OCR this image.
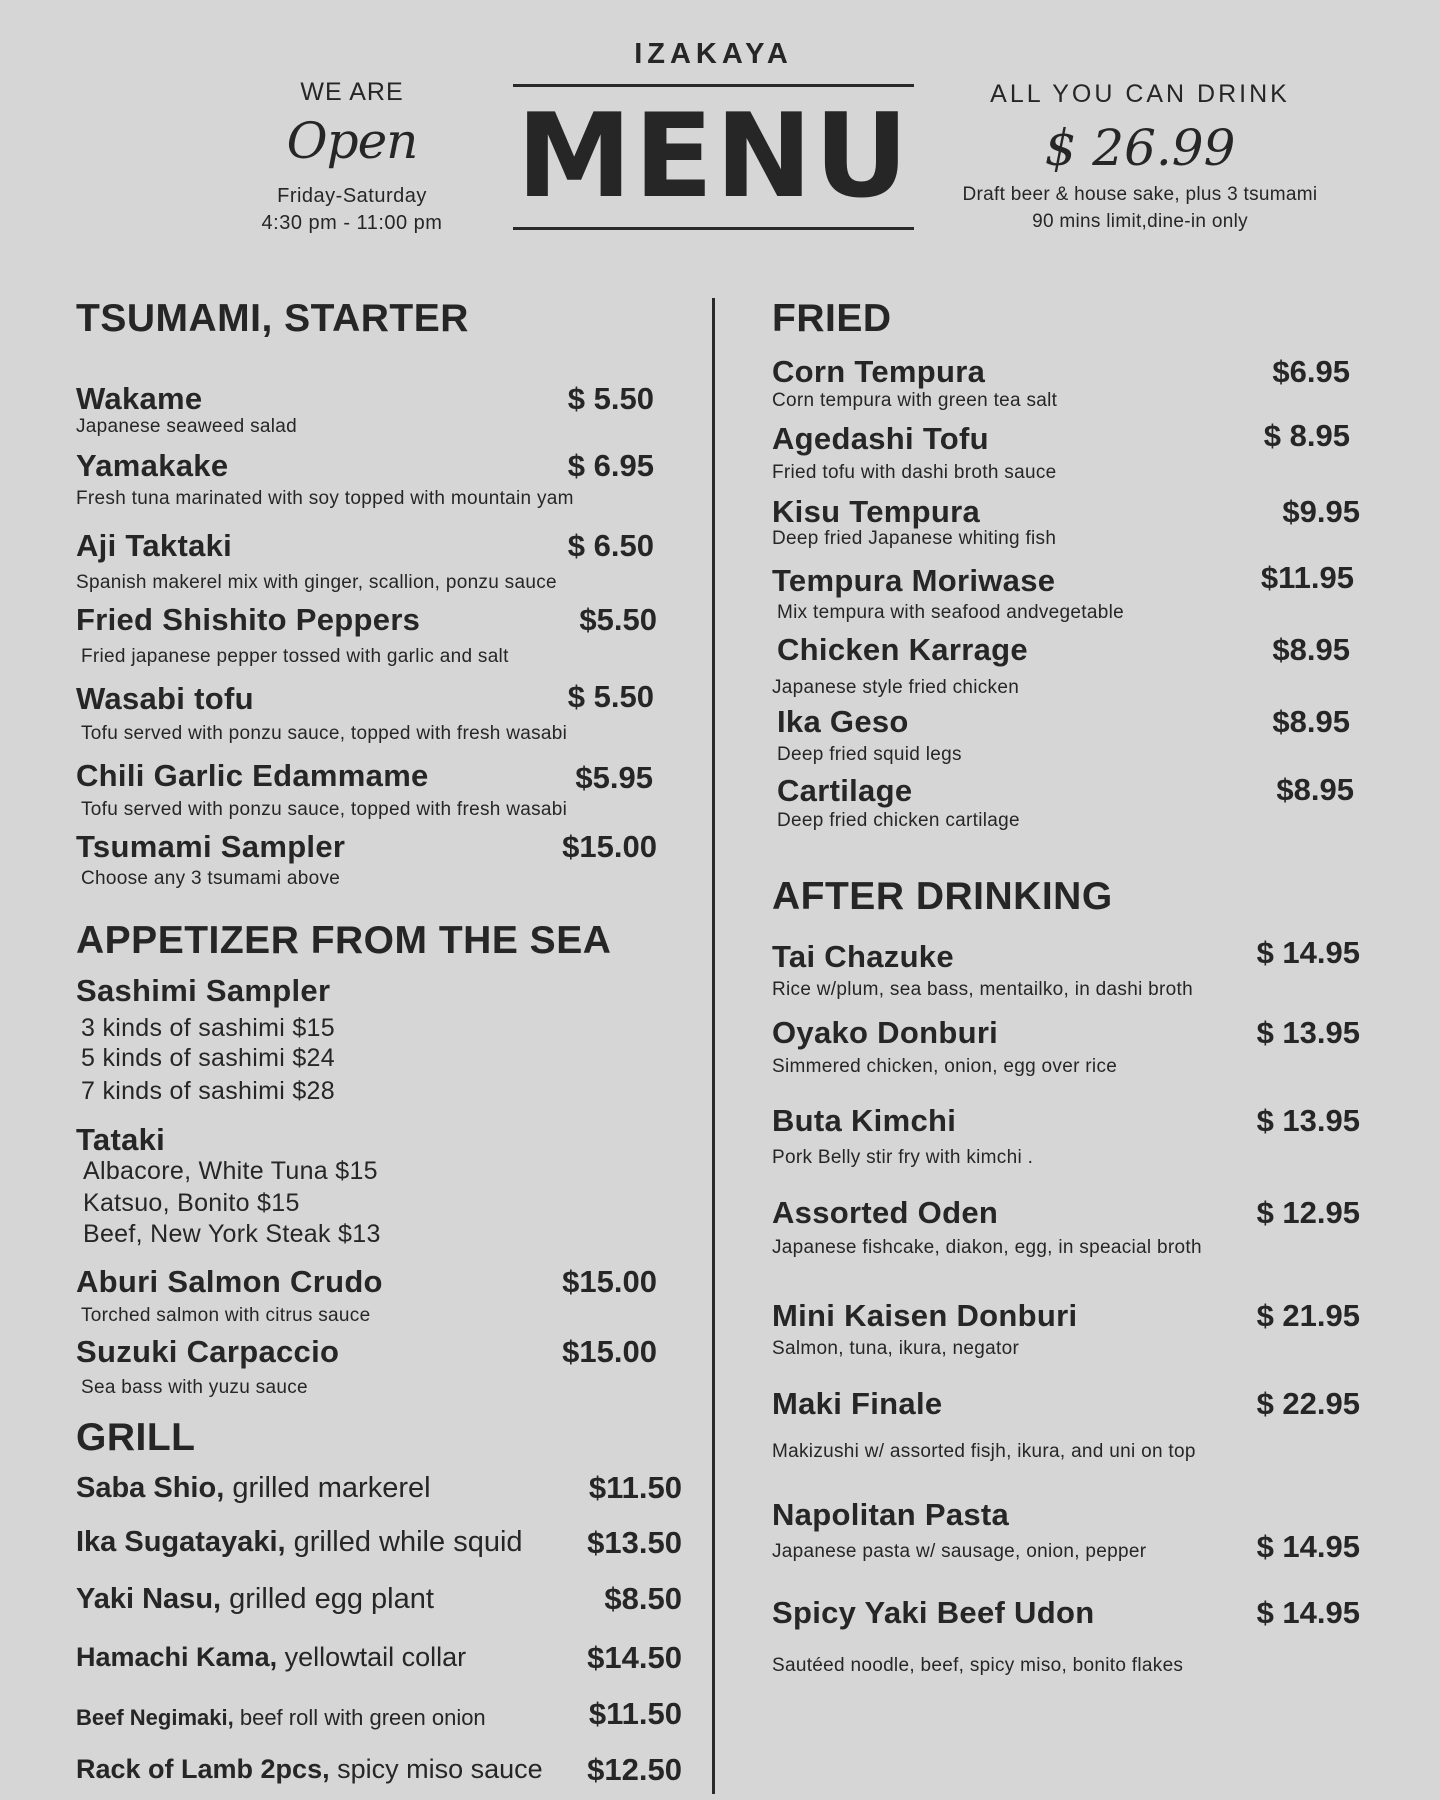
WE ARE
Open
Friday-Saturday
4:30 pm - 11:00 pm
IZAKAYA
MENU	ALL YOU CAN DRINK
$ 26.99
Draft beer & house sake, plus 3 tsumami
90 mins limit,dine-in only
TSUMAMI, STARTER
Wakame	$ 5.50
Japanese seaweed salad
Yamakake	$ 6.95
Fresh tuna marinated with soy topped with mountain yam
Aji Taktaki	$ 6.50
Spanish makerel mix with ginger, scallion, ponzu sauce
Fried Shishito Peppers	$5.50
Fried japanese pepper tossed with garlic and salt
Wasabi tofu	$ 5.50
Tofu served with ponzu sauce, topped with fresh wasabi
Chili Garlic Edammame	$5.95
Tofu served with ponzu sauce, topped with fresh wasabi
Tsumami Sampler	$15.00
Choose any 3 tsumami above
APPETIZER FROM THE SEA
Sashimi Sampler
3 kinds of sashimi $15
5 kinds of sashimi $24
7 kinds of sashimi $28
Tataki
Albacore, White Tuna $15
Katsuo, Bonito $15
Beef, New York Steak $13
Aburi Salmon Crudo	$15.00
Torched salmon with citrus sauce
Suzuki Carpaccio	$15.00
Sea bass with yuzu sauce
GRILL
Saba Shio, grilled markerel	$11.50
Ika Sugatayaki, grilled while squid	$13.50
Yaki Nasu, grilled egg plant	$8.50
Hamachi Kama, yellowtail collar	$14.50
Beef Negimaki, beef roll with green onion	$11.50
Rack of Lamb 2pcs, spicy miso sauce	$12.50
FRIED
Corn Tempura	$6.95
Corn tempura with green tea salt
Agedashi Tofu	$ 8.95
Fried tofu with dashi broth sauce
Kisu Tempura	$9.95
Deep fried Japanese whiting fish
Tempura Moriwase	$11.95
Mix tempura with seafood andvegetable
Chicken Karrage	$8.95
Japanese style fried chicken
Ika Geso	$8.95
Deep fried squid legs
Cartilage	$8.95
Deep fried chicken cartilage
AFTER DRINKING
Tai Chazuke	$ 14.95
Rice w/plum, sea bass, mentailko, in dashi broth
Oyako Donburi	$ 13.95
Simmered chicken, onion, egg over rice
Buta Kimchi	$ 13.95
Pork Belly stir fry with kimchi .
Assorted Oden	$ 12.95
Japanese fishcake, diakon, egg, in speacial broth
Mini Kaisen Donburi	$ 21.95
Salmon, tuna, ikura, negator
Maki Finale	$ 22.95
Makizushi w/ assorted fisjh, ikura, and uni on top
Napolitan Pasta
$ 14.95
Japanese pasta w/ sausage, onion, pepper
Spicy Yaki Beef Udon	$ 14.95
Sautéed noodle, beef, spicy miso, bonito flakes
